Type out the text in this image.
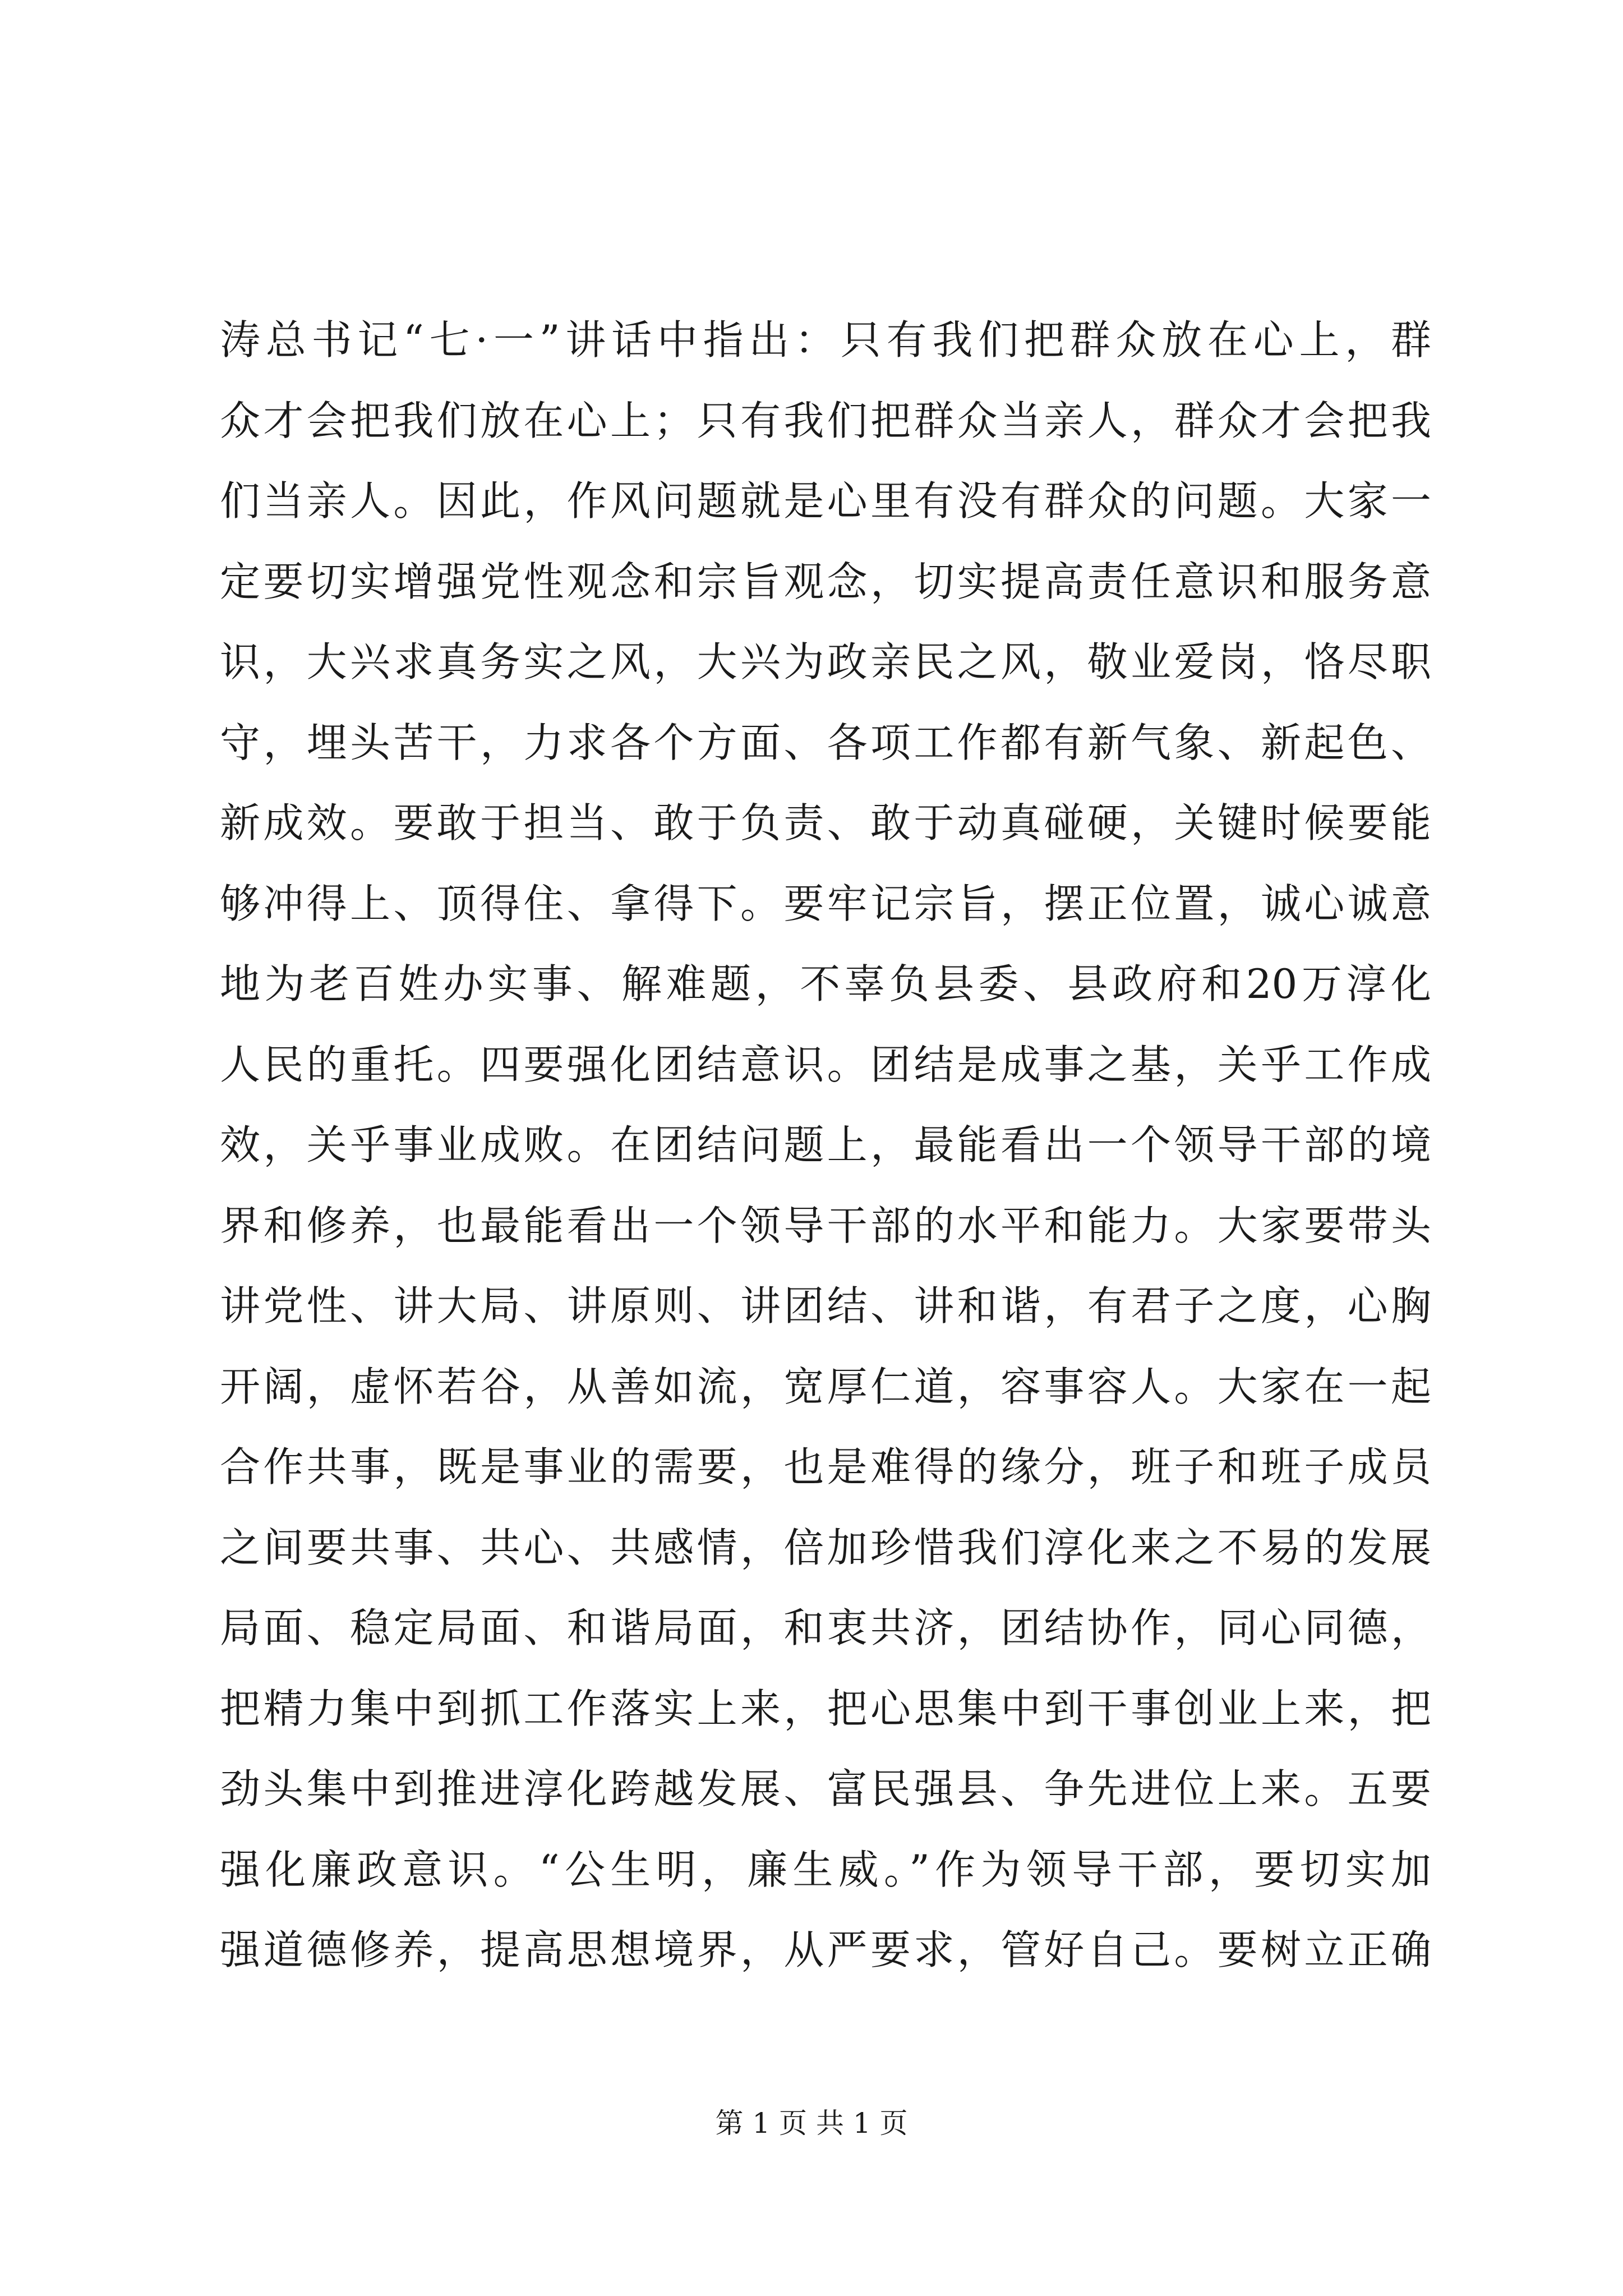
涛总书记“七·一”讲话中指出：只有我们把群众放在心上，群
众才会把我们放在心上；只有我们把群众当亲人，群众才会把我
们当亲人。因此，作风问题就是心里有没有群众的问题。大家一
定要切实增强党性观念和宗旨观念，切实提高责任意识和服务意
识，大兴求真务实之风，大兴为政亲民之风，敬业爱岗，恪尽职
守，埋头苦干，力求各个方面、各项工作都有新气象、新起色、
新成效。要敢于担当、敢于负责、敢于动真碰硬，关键时候要能
够冲得上、顶得住、拿得下。要牢记宗旨，摆正位置，诚心诚意
地为老百姓办实事、解难题，不辜负县委、县政府和20万淳化
人民的重托。四要强化团结意识。团结是成事之基，关乎工作成
效，关乎事业成败。在团结问题上，最能看出一个领导干部的境
界和修养，也最能看出一个领导干部的水平和能力。大家要带头
讲党性、讲大局、讲原则、讲团结、讲和谐，有君子之度，心胸
开阔，虚怀若谷，从善如流，宽厚仁道，容事容人。大家在一起
合作共事，既是事业的需要，也是难得的缘分，班子和班子成员
之间要共事、共心、共感情，倍加珍惜我们淳化来之不易的发展
局面、稳定局面、和谐局面，和衷共济，团结协作，同心同德，
把精力集中到抓工作落实上来，把心思集中到干事创业上来，把
劲头集中到推进淳化跨越发展、富民强县、争先进位上来。五要
强化廉政意识。“公生明，廉生威。”作为领导干部，要切实加
强道德修养，提高思想境界，从严要求，管好自己。要树立正确
第 1 页 共 1 页
